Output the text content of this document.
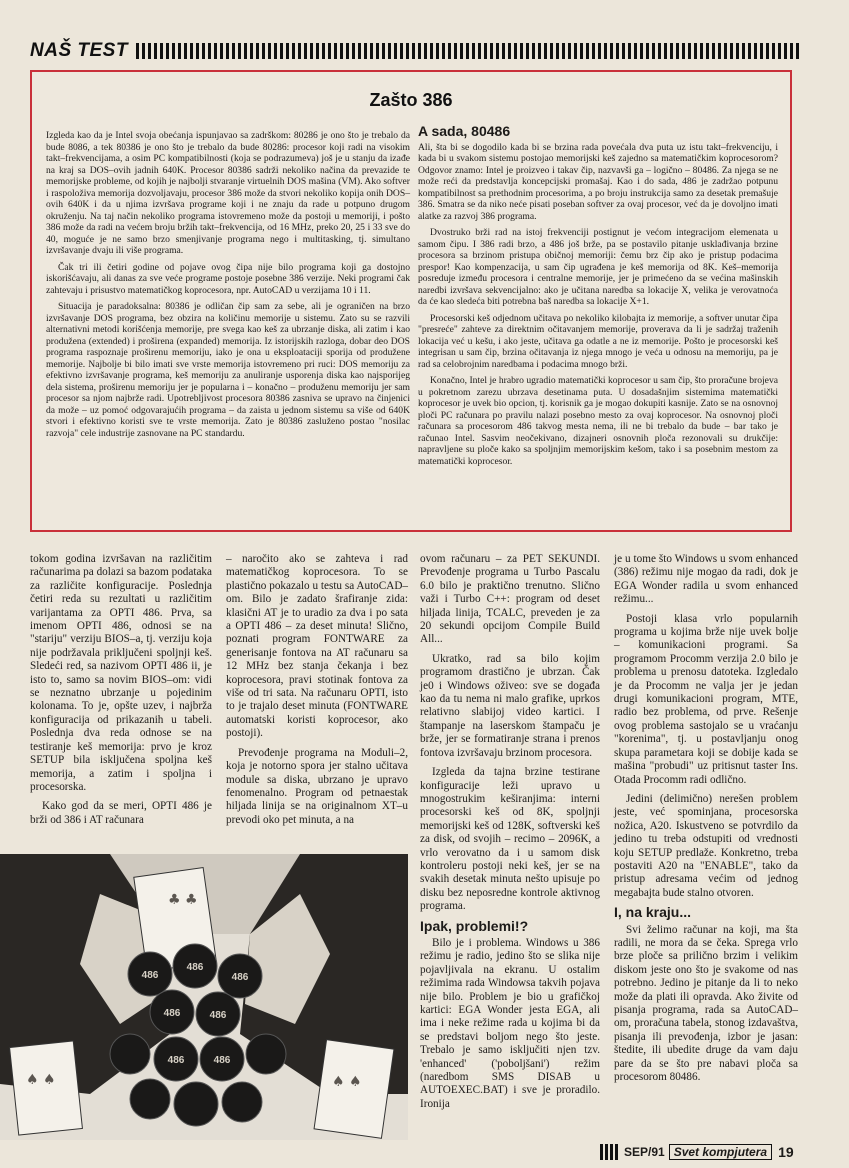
NAŠ TEST
Zašto 386

Izgleda kao da je Intel svoja obećanja ispunjavao sa zadrškom: 80286 je ono što je trebalo da bude 8086, a tek 80386 je ono što je trebalo da bude 80286: procesor koji radi na visokim takt–frekvencijama, a osim PC kompatibilnosti (koja se podrazumeva) još je u stanju da izađe na kraj sa DOS–ovih jadnih 640K. Procesor 80386 sadrži nekoliko načina da prevazide te memorijske probleme, od kojih je najbolji stvaranje virtuelnih DOS mašina (VM). Ako softver i raspoloživa memorija dozvoljavaju, procesor 386 može da stvori nekoliko kopija onih DOS–ovih 640K i da u njima izvršava programe koji i ne znaju da rade u potpuno drugom okruženju. Na taj način nekoliko programa istovremeno može da postoji u memoriji, i pošto 386 može da radi na većem broju bržih takt–frekvencija, od 16 MHz, preko 20, 25 i 33 sve do 40, moguće je ne samo brzo smenjivanje programa nego i multitasking, tj. simultano izvršavanje dvaju ili više programa.

Čak tri ili četiri godine od pojave ovog čipa nije bilo programa koji ga dostojno iskorišćavaju, ali danas za sve veće programe postoje posebne 386 verzije. Neki programi čak zahtevaju i prisustvo matematičkog koprocesora, npr. AutoCAD u verzijama 10 i 11.

Situacija je paradoksalna: 80386 je odličan čip sam za sebe, ali je ograničen na brzo izvršavanje DOS programa, bez obzira na količinu memorije u sistemu. Zato su se razvili alternativni metodi korišćenja memorije, pre svega kao keš za ubrzanje diska, ali zatim i kao produžena (extended) i proširena (expanded) memorija. Iz istorijskih razloga, dobar deo DOS programa raspoznaje proširenu memoriju, iako je ona u eksploataciji sporija od produžene memorije. Najbolje bi bilo imati sve vrste memorija istovremeno pri ruci: DOS memoriju za efektivno izvršavanje programa, keš memoriju za anuliranje usporenja diska kao najsporijeg dela sistema, proširenu memoriju jer je popularna i – konačno – produženu memoriju jer sam procesor sa njom najbrže radi. Upotrebljivost procesora 80386 zasniva se upravo na činjenici da može – uz pomoć odgovarajućih programa – da zaista u jednom sistemu sa više od 640K stvori i efektivno koristi sve te vrste memorija. Zato je 80386 zasluženo postao "nosilac razvoja" cele industrije zasnovane na PC standardu.

A sada, 80486

Ali, šta bi se dogodilo kada bi se brzina rada povećala dva puta uz istu takt–frekvenciju, i kada bi u svakom sistemu postojao memorijski keš zajedno sa matematičkim koprocesorom? Odgovor znamo: Intel je proizveo i takav čip, nazvavši ga – logično – 80486. Za njega se ne može reći da predstavlja koncepcijski promašaj. Kao i do sada, 486 je zadržao potpunu kompatibilnost sa prethodnim procesorima, a po broju instrukcija samo za desetak premašuje 386. Smatra se da niko neće pisati poseban softver za ovaj procesor, već da je dovoljno imati alatke za razvoj 386 programa.

Dvostruko brži rad na istoj frekvenciji postignut je većom integracijom elemenata u samom čipu. I 386 radi brzo, a 486 još brže, pa se postavilo pitanje usklađivanja brzine procesora sa brzinom pristupa običnoj memoriji: čemu brz čip ako je pristup podacima prespor! Kao kompenzacija, u sam čip ugrađena je keš memorija od 8K. Keš–memorija posreduje između procesora i centralne memorije, jer je primećeno da se većina mašinskih naredbi izvršava sekvencijalno: ako je učitana naredba sa lokacije X, velika je verovatnoća da će kao sledeća biti potrebna baš naredba sa lokacije X+1.

Procesorski keš odjednom učitava po nekoliko kilobajta iz memorije, a softver unutar čipa "presreće" zahteve za direktnim očitavanjem memorije, proverava da li je sadržaj traženih lokacija već u kešu, i ako jeste, učitava ga odatle a ne iz memorije. Pošto je procesorski keš integrisan u sam čip, brzina očitavanja iz njega mnogo je veća u odnosu na memoriju, pa je rad sa celobrojnim naredbama i podacima mnogo brži.

Konačno, Intel je hrabro ugradio matematički koprocesor u sam čip, što proračune brojeva u pokretnom zarezu ubrzava desetinama puta. U dosadašnjim sistemima matematički koprocesor je uvek bio opcion, tj. korisnik ga je mogao dokupiti kasnije. Zato se na osnovnoj ploči PC računara po pravilu nalazi posebno mesto za ovaj koprocesor. Na osnovnoj ploči računara sa procesorom 486 takvog mesta nema, ili ne bi trebalo da bude – bar tako je računao Intel. Sasvim neočekivano, dizajneri osnovnih ploča rezonovali su drukčije: napravljene su ploče kako sa spoljnjim memorijskim kešom, tako i sa posebnim mestom za matematički koprocesor.

tokom godina izvršavan na različitim računarima pa dolazi sa bazom podataka za različite konfiguracije. Poslednja četiri reda su rezultati u različitim varijantama za OPTI 486. Prva, sa imenom OPTI 486, odnosi se na "stariju" verziju BIOS–a, tj. verziju koja nije podržavala priključeni spoljnji keš. Sledeći red, sa nazivom OPTI 486 ii, je isto to, samo sa novim BIOS–om: vidi se neznatno ubrzanje u pojedinim kolonama. To je, opšte uzev, i najbrža konfiguracija od prikazanih u tabeli. Poslednja dva reda odnose se na testiranje keš memorija: prvo je kroz SETUP bila isključena spoljna keš memorija, a zatim i spoljna i procesorska.

Kako god da se meri, OPTI 486 je brži od 386 i AT računara

– naročito ako se zahteva i rad matematičkog koprocesora. To se plastično pokazalo u testu sa AutoCAD–om. Bilo je zadato šrafiranje zida: klasični AT je to uradio za dva i po sata a OPTI 486 – za deset minuta! Slično, poznati program FONTWARE za generisanje fontova na AT računaru sa 12 MHz bez stanja čekanja i bez koprocesora, pravi stotinak fontova za više od tri sata. Na računaru OPTI, isto to je trajalo deset minuta (FONTWARE automatski koristi koprocesor, ako postoji).

Prevođenje programa na Moduli–2, koja je notorno spora jer stalno učitava module sa diska, ubrzano je upravo fenomenalno. Program od petnaestak hiljada linija se na originalnom XT–u prevodi oko pet minuta, a na

ovom računaru – za PET SEKUNDI. Prevođenje programa u Turbo Pascalu 6.0 bilo je praktično trenutno. Slično važi i Turbo C++: program od deset hiljada linija, TCALC, preveden je za 20 sekundi opcijom Compile Build All...

Ukratko, rad sa bilo kojim programom drastično je ubrzan. Čak je0 i Windows oživeo: sve se događa kao da tu nema ni malo grafike, uprkos relativno slabijoj video kartici. I štampanje na laserskom štampaču je brže, jer se formatiranje strana i prenos fontova izvršavaju brzinom procesora.

Izgleda da tajna brzine testirane konfiguracije leži upravo u mnogostrukim keširanjima: interni procesorski keš od 8K, spoljnji memorijski keš od 128K, softverski keš za disk, od svojih – recimo – 2096K, a vrlo verovatno da i u samom disk kontroleru postoji neki keš, jer se na svakih desetak minuta nešto upisuje po disku bez neposredne kontrole aktivnog programa.

Ipak, problemi!?

Bilo je i problema. Windows u 386 režimu je radio, jedino što se slika nije pojavljivala na ekranu. U ostalim režimima rada Windowsa takvih pojava nije bilo. Problem je bio u grafičkoj kartici: EGA Wonder jesta EGA, ali ima i neke režime rada u kojima bi da se predstavi boljom nego što jeste. Trebalo je samo isključiti njen tzv. 'enhanced' ('poboljšani') režim (naredbom SMS DISAB u AUTOEXEC.BAT) i sve je proradilo. Ironija

je u tome što Windows u svom enhanced (386) režimu nije mogao da radi, dok je EGA Wonder radila u svom enhanced režimu...

Postoji klasa vrlo popularnih programa u kojima brže nije uvek bolje – komunikacioni programi. Sa programom Procomm verzija 2.0 bilo je problema u prenosu datoteka. Izgledalo je da Procomm ne valja jer je jedan drugi komunikacioni program, MTE, radio bez problema, od prve. Rešenje ovog problema sastojalo se u vraćanju "korenima", tj. u postavljanju onog skupa parametara koji se dobije kada se mašina "probudi" uz pritisnut taster Ins. Otada Procomm radi odlično.

Jedini (delimično) nerešen problem jeste, već spominjana, procesorska nožica, A20. Iskustveno se potvrdilo da jedino tu treba odstupiti od vrednosti koju SETUP predlaže. Konkretno, treba postaviti A20 na "ENABLE", tako da pristup adresama većim od jednog megabajta bude stalno otvoren.

I, na kraju...

Svi želimo računar na koji, ma šta radili, ne mora da se čeka. Spregа vrlo brze ploče sa prilično brzim i velikim diskom jeste ono što je svakome od nas potrebno. Jedino je pitanje da li to neko može da plati ili opravda. Ako živite od pisanja programa, rada sa AutoCAD–om, proračuna tabela, stonog izdavaštva, pisanja ili prevođenja, izbor je jasan: štedite, ili ubedite druge da vam daju pare da se što pre nabavi ploča sa procesorom 80486.

486
486
486
486	486
486	486
♣ ♣
♠ ♠	♠ ♠
SEP/91 Svet kompjutera 19
